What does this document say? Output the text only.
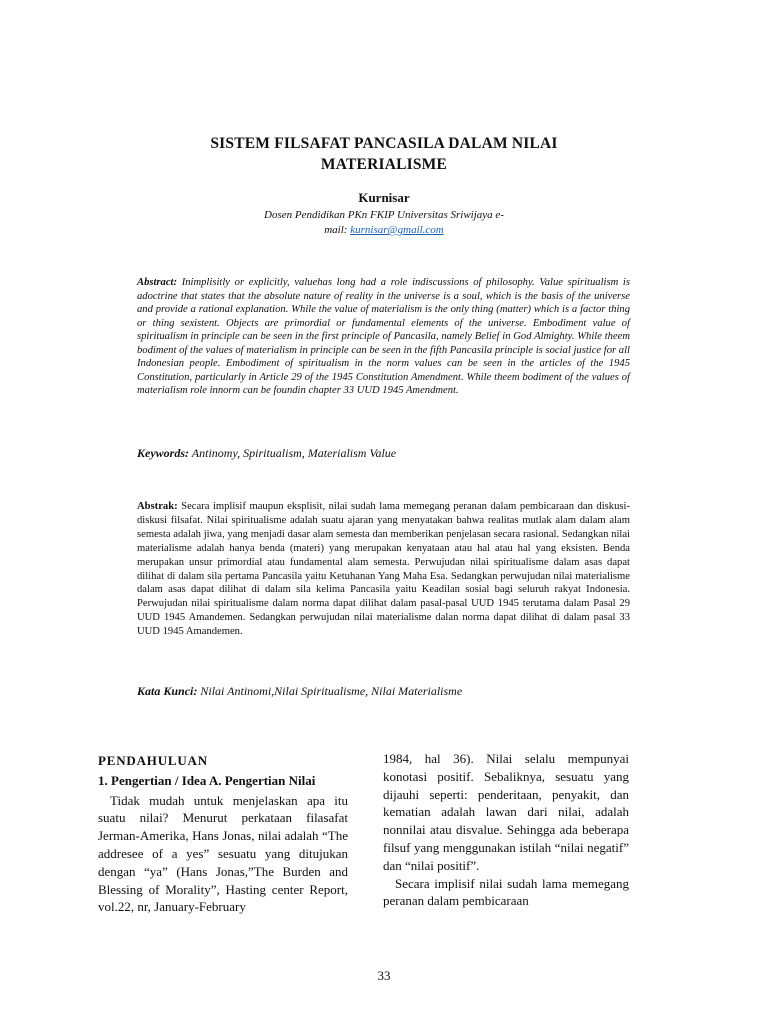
SISTEM FILSAFAT PANCASILA DALAM NILAI
MATERIALISME
Kurnisar
Dosen Pendidikan PKn FKIP Universitas Sriwijaya e-
mail: kurnisar@gmail.com
Abstract: Inimplisitly or explicitly, valuehas long had a role indiscussions of philosophy. Value spiritualism is adoctrine that states that the absolute nature of reality in the universe is a soul, which is the basis of the universe and provide a rational explanation. While the value of materialism is the only thing (matter) which is a factor thing or thing sexistent. Objects are primordial or fundamental elements of the universe. Embodiment value of spiritualism in principle can be seen in the first principle of Pancasila, namely Belief in God Almighty. While theem bodiment of the values of materialism in principle can be seen in the fifth Pancasila principle is social justice for all Indonesian people. Embodiment of spiritualism in the norm values can be seen in the articles of the 1945 Constitution, particularly in Article 29 of the 1945 Constitution Amendment. While theem bodiment of the values of materialism role innorm can be foundin chapter 33 UUD 1945 Amendment.
Keywords: Antinomy, Spiritualism, Materialism Value
Abstrak: Secara implisif maupun eksplisit, nilai sudah lama memegang peranan dalam pembicaraan dan diskusi-diskusi filsafat. Nilai spiritualisme adalah suatu ajaran yang menyatakan bahwa realitas mutlak alam dalam alam semesta adalah jiwa, yang menjadi dasar alam semesta dan memberikan penjelasan secara rasional. Sedangkan nilai materialisme adalah hanya benda (materi) yang merupakan kenyataan atau hal atau hal yang eksisten. Benda merupakan unsur primordial atau fundamental alam semesta. Perwujudan nilai spiritualisme dalam asas dapat dilihat di dalam sila pertama Pancasila yaitu Ketuhanan Yang Maha Esa. Sedangkan perwujudan nilai materialisme dalam asas dapat dilihat di dalam sila kelima Pancasila yaitu Keadilan sosial bagi seluruh rakyat Indonesia. Perwujudan nilai spiritualisme dalam norma dapat dilihat dalam pasal-pasal UUD 1945 terutama dalam Pasal 29 UUD 1945 Amandemen. Sedangkan perwujudan nilai materialisme dalan norma dapat dilihat di dalam pasal 33 UUD 1945 Amandemen.
Kata Kunci: Nilai Antinomi,Nilai Spiritualisme, Nilai Materialisme
PENDAHULUAN
1. Pengertian / Idea A. Pengertian Nilai

Tidak mudah untuk menjelaskan apa itu suatu nilai? Menurut perkataan filasafat Jerman-Amerika, Hans Jonas, nilai adalah “The addresee of a yes” sesuatu yang ditujukan dengan “ya” (Hans Jonas,”The Burden and Blessing of Morality”, Hasting center Report, vol.22, nr, January-February

1984, hal 36). Nilai selalu mempunyai konotasi positif. Sebaliknya, sesuatu yang dijauhi seperti: penderitaan, penyakit, dan kematian adalah lawan dari nilai, adalah nonnilai atau disvalue. Sehingga ada beberapa filsuf yang menggunakan istilah “nilai negatif” dan “nilai positif”.

Secara implisif nilai sudah lama memegang peranan dalam pembicaraan

33
